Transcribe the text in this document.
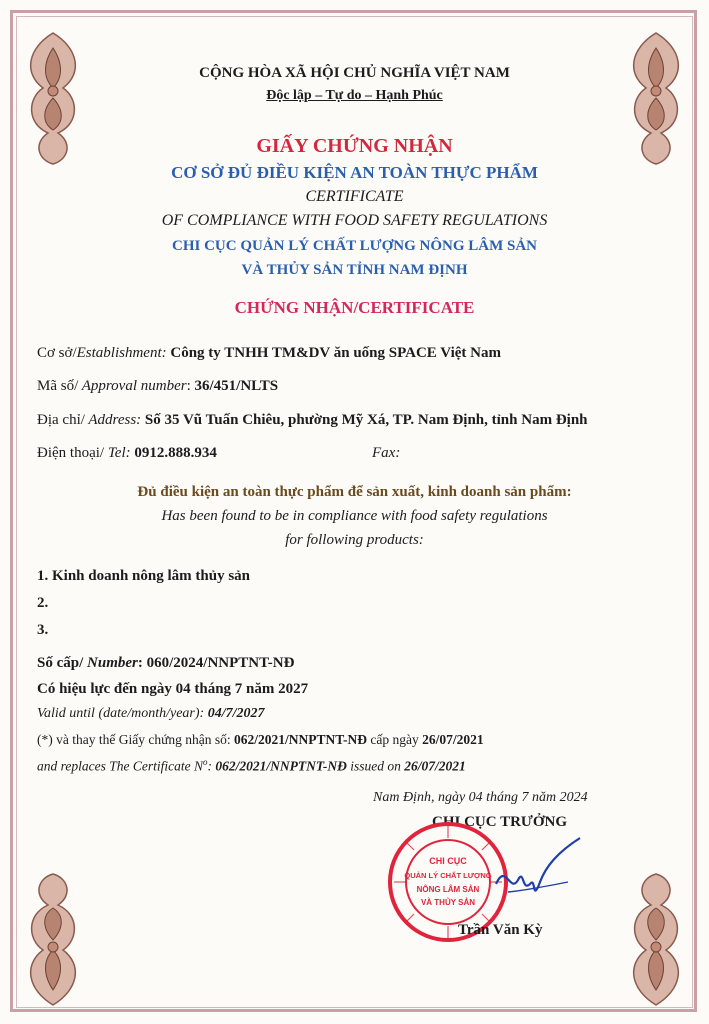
CỘNG HÒA XÃ HỘI CHỦ NGHĨA VIỆT NAM
Độc lập – Tự do – Hạnh Phúc
GIẤY CHỨNG NHẬN
CƠ SỞ ĐỦ ĐIỀU KIỆN AN TOÀN THỰC PHẨM
CERTIFICATE
OF COMPLIANCE WITH FOOD SAFETY REGULATIONS
CHI CỤC QUẢN LÝ CHẤT LƯỢNG NÔNG LÂM SẢN
VÀ THỦY SẢN TỈNH NAM ĐỊNH
CHỨNG NHẬN/CERTIFICATE
Cơ sở/Establishment: Công ty TNHH TM&DV ăn uống SPACE Việt Nam
Mã số/ Approval number: 36/451/NLTS
Địa chỉ/ Address: Số 35 Vũ Tuấn Chiêu, phường Mỹ Xá, TP. Nam Định, tỉnh Nam Định
Điện thoại/ Tel: 0912.888.934	Fax:
Đủ điều kiện an toàn thực phẩm để sản xuất, kinh doanh sản phẩm:
Has been found to be in compliance with food safety regulations
for following products:
1. Kinh doanh nông lâm thủy sản
2.
3.
Số cấp/ Number: 060/2024/NNPTNT-NĐ
Có hiệu lực đến ngày 04 tháng 7 năm 2027
Valid until (date/month/year): 04/7/2027
(*) và thay thế Giấy chứng nhận số: 062/2021/NNPTNT-NĐ cấp ngày 26/07/2021
and replaces The Certificate $N^o$: 062/2021/NNPTNT-NĐ issued on 26/07/2021
Nam Định, ngày 04 tháng 7 năm 2024
CHI CỤC TRƯỞNG
CHI CỤC
QUẢN LÝ CHẤT LƯỢNG
NÔNG LÂM SẢN
VÀ THỦY SẢN
Trần Văn Kỳ
